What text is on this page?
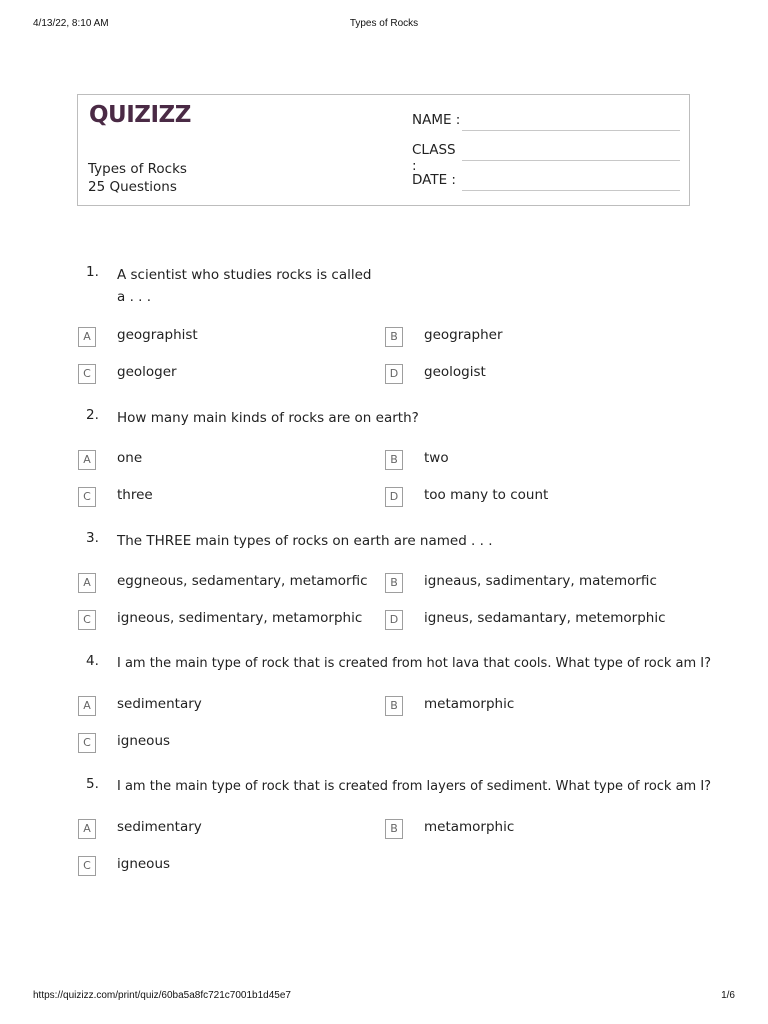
4/13/22, 8:10 AM	Types of Rocks
QUIZIZZ
Types of Rocks
25 Questions
NAME :
CLASS :
DATE :
1.	A scientist who studies rocks is called a . . .
A	geographist	B	geographer
C	geologer	D	geologist
2.	How many main kinds of rocks are on earth?
A	one	B	two
C	three	D	too many to count
3.	The THREE main types of rocks on earth are named . . .
A	eggneous, sedamentary, metamorfic	B	igneaus, sadimentary, matemorfic
C	igneous, sedimentary, metamorphic	D	igneus, sedamantary, metemorphic
4.	I am the main type of rock that is created from hot lava that cools. What type of rock am I?
A	sedimentary	B	metamorphic
C	igneous
5.	I am the main type of rock that is created from layers of sediment. What type of rock am I?
A	sedimentary	B	metamorphic
C	igneous
https://quizizz.com/print/quiz/60ba5a8fc721c7001b1d45e7	1/6
